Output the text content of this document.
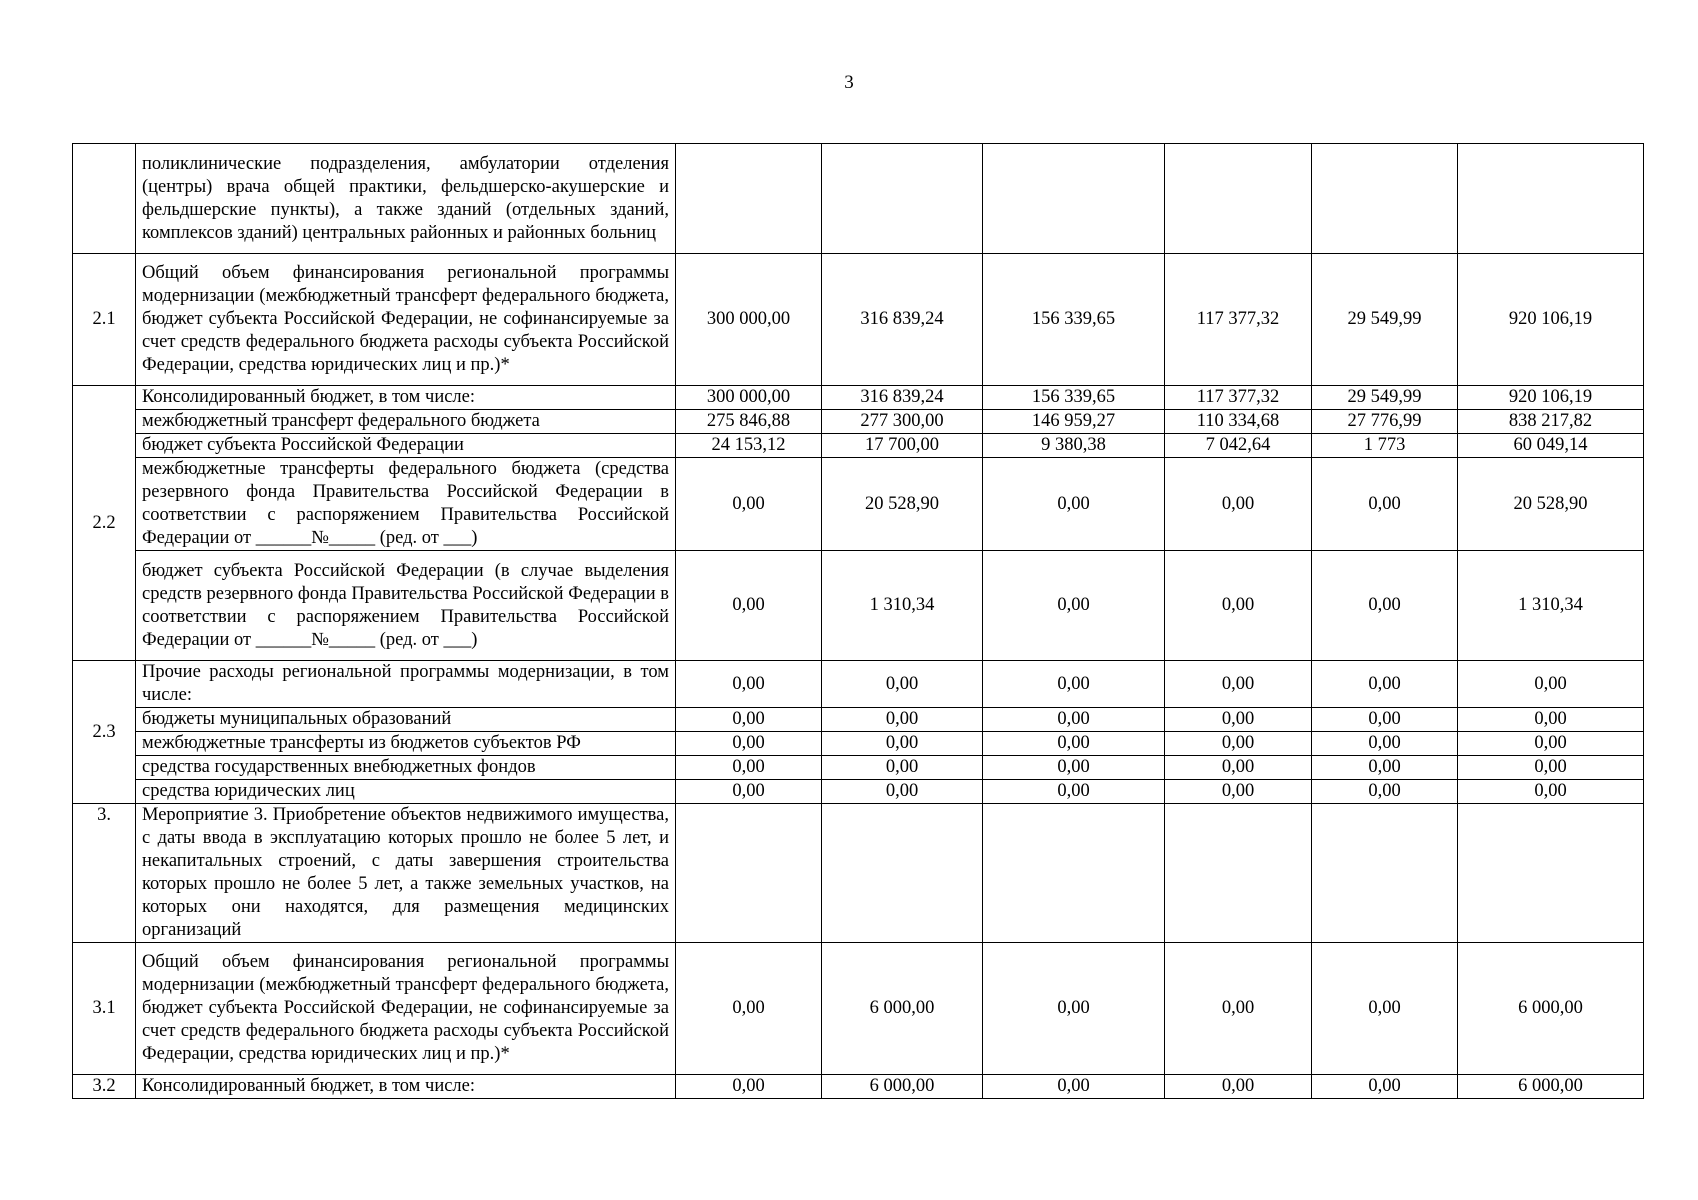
3
	поликлинические подразделения, амбулатории отделения (центры) врача общей практики, фельдшерско-акушерские и фельдшерские пункты), а также зданий (отдельных зданий, комплексов зданий) центральных районных и районных больниц						
2.1	Общий объем финансирования региональной программы модернизации (межбюджетный трансферт федерального бюджета, бюджет субъекта Российской Федерации, не софинансируемые за счет средств федерального бюджета расходы субъекта Российской Федерации, средства юридических лиц и пр.)*	300 000,00	316 839,24	156 339,65	117 377,32	29 549,99	920 106,19
2.2	Консолидированный бюджет, в том числе:	300 000,00	316 839,24	156 339,65	117 377,32	29 549,99	920 106,19
	межбюджетный трансферт федерального бюджета	275 846,88	277 300,00	146 959,27	110 334,68	27 776,99	838 217,82
	бюджет субъекта Российской Федерации	24 153,12	17 700,00	9 380,38	7 042,64	1 773	60 049,14
	межбюджетные трансферты федерального бюджета (средства резервного фонда Правительства Российской Федерации в соответствии с распоряжением Правительства Российской Федерации от ______№_____ (ред. от ___)	0,00	20 528,90	0,00	0,00	0,00	20 528,90
	бюджет субъекта Российской Федерации (в случае выделения средств резервного фонда Правительства Российской Федерации в соответствии с распоряжением Правительства Российской Федерации от ______№_____ (ред. от ___)	0,00	1 310,34	0,00	0,00	0,00	1 310,34
2.3	Прочие расходы региональной программы модернизации, в том числе:	0,00	0,00	0,00	0,00	0,00	0,00
	бюджеты муниципальных образований	0,00	0,00	0,00	0,00	0,00	0,00
	межбюджетные трансферты из бюджетов субъектов РФ	0,00	0,00	0,00	0,00	0,00	0,00
	средства государственных внебюджетных фондов	0,00	0,00	0,00	0,00	0,00	0,00
	средства юридических лиц	0,00	0,00	0,00	0,00	0,00	0,00
3.	Мероприятие 3. Приобретение объектов недвижимого имущества, с даты ввода в эксплуатацию которых прошло не более 5 лет, и некапитальных строений, с даты завершения строительства которых прошло не более 5 лет, а также земельных участков, на которых они находятся, для размещения медицинских организаций						
3.1	Общий объем финансирования региональной программы модернизации (межбюджетный трансферт федерального бюджета, бюджет субъекта Российской Федерации, не софинансируемые за счет средств федерального бюджета расходы субъекта Российской Федерации, средства юридических лиц и пр.)*	0,00	6 000,00	0,00	0,00	0,00	6 000,00
3.2	Консолидированный бюджет, в том числе:	0,00	6 000,00	0,00	0,00	0,00	6 000,00
